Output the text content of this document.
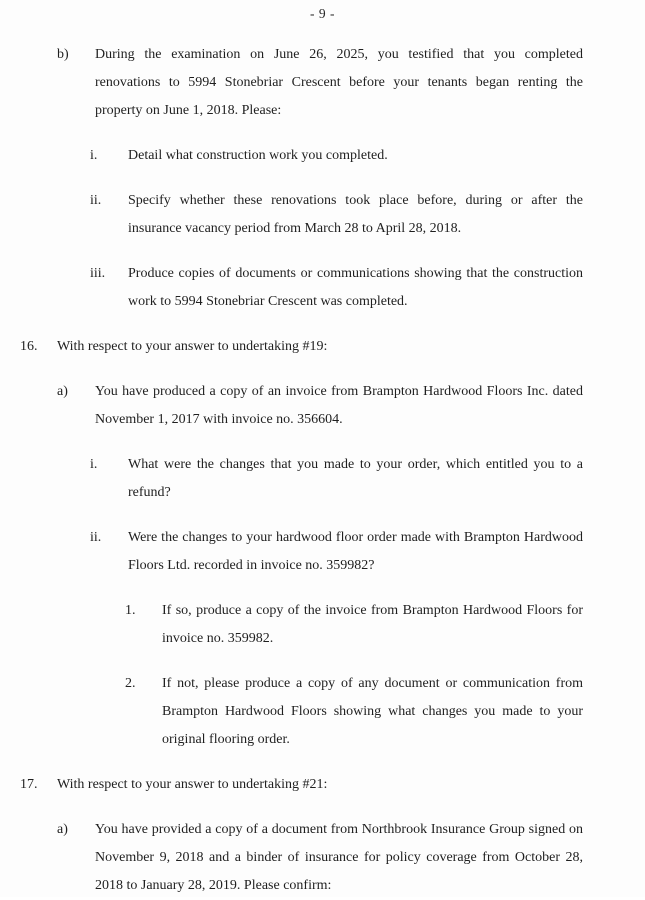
- 9 -
b)	During the examination on June 26, 2025, you testified that you completed renovations to 5994 Stonebriar Crescent before your tenants began renting the property on June 1, 2018. Please:
i.	Detail what construction work you completed.
ii.	Specify whether these renovations took place before, during or after the insurance vacancy period from March 28 to April 28, 2018.
iii.	Produce copies of documents or communications showing that the construction work to 5994 Stonebriar Crescent was completed.
16.	With respect to your answer to undertaking #19:
a)	You have produced a copy of an invoice from Brampton Hardwood Floors Inc. dated November 1, 2017 with invoice no. 356604.
i.	What were the changes that you made to your order, which entitled you to a refund?
ii.	Were the changes to your hardwood floor order made with Brampton Hardwood Floors Ltd. recorded in invoice no. 359982?
1.	If so, produce a copy of the invoice from Brampton Hardwood Floors for invoice no. 359982.
2.	If not, please produce a copy of any document or communication from Brampton Hardwood Floors showing what changes you made to your original flooring order.
17.	With respect to your answer to undertaking #21:
a)	You have provided a copy of a document from Northbrook Insurance Group signed on November 9, 2018 and a binder of insurance for policy coverage from October 28, 2018 to January 28, 2019. Please confirm:
